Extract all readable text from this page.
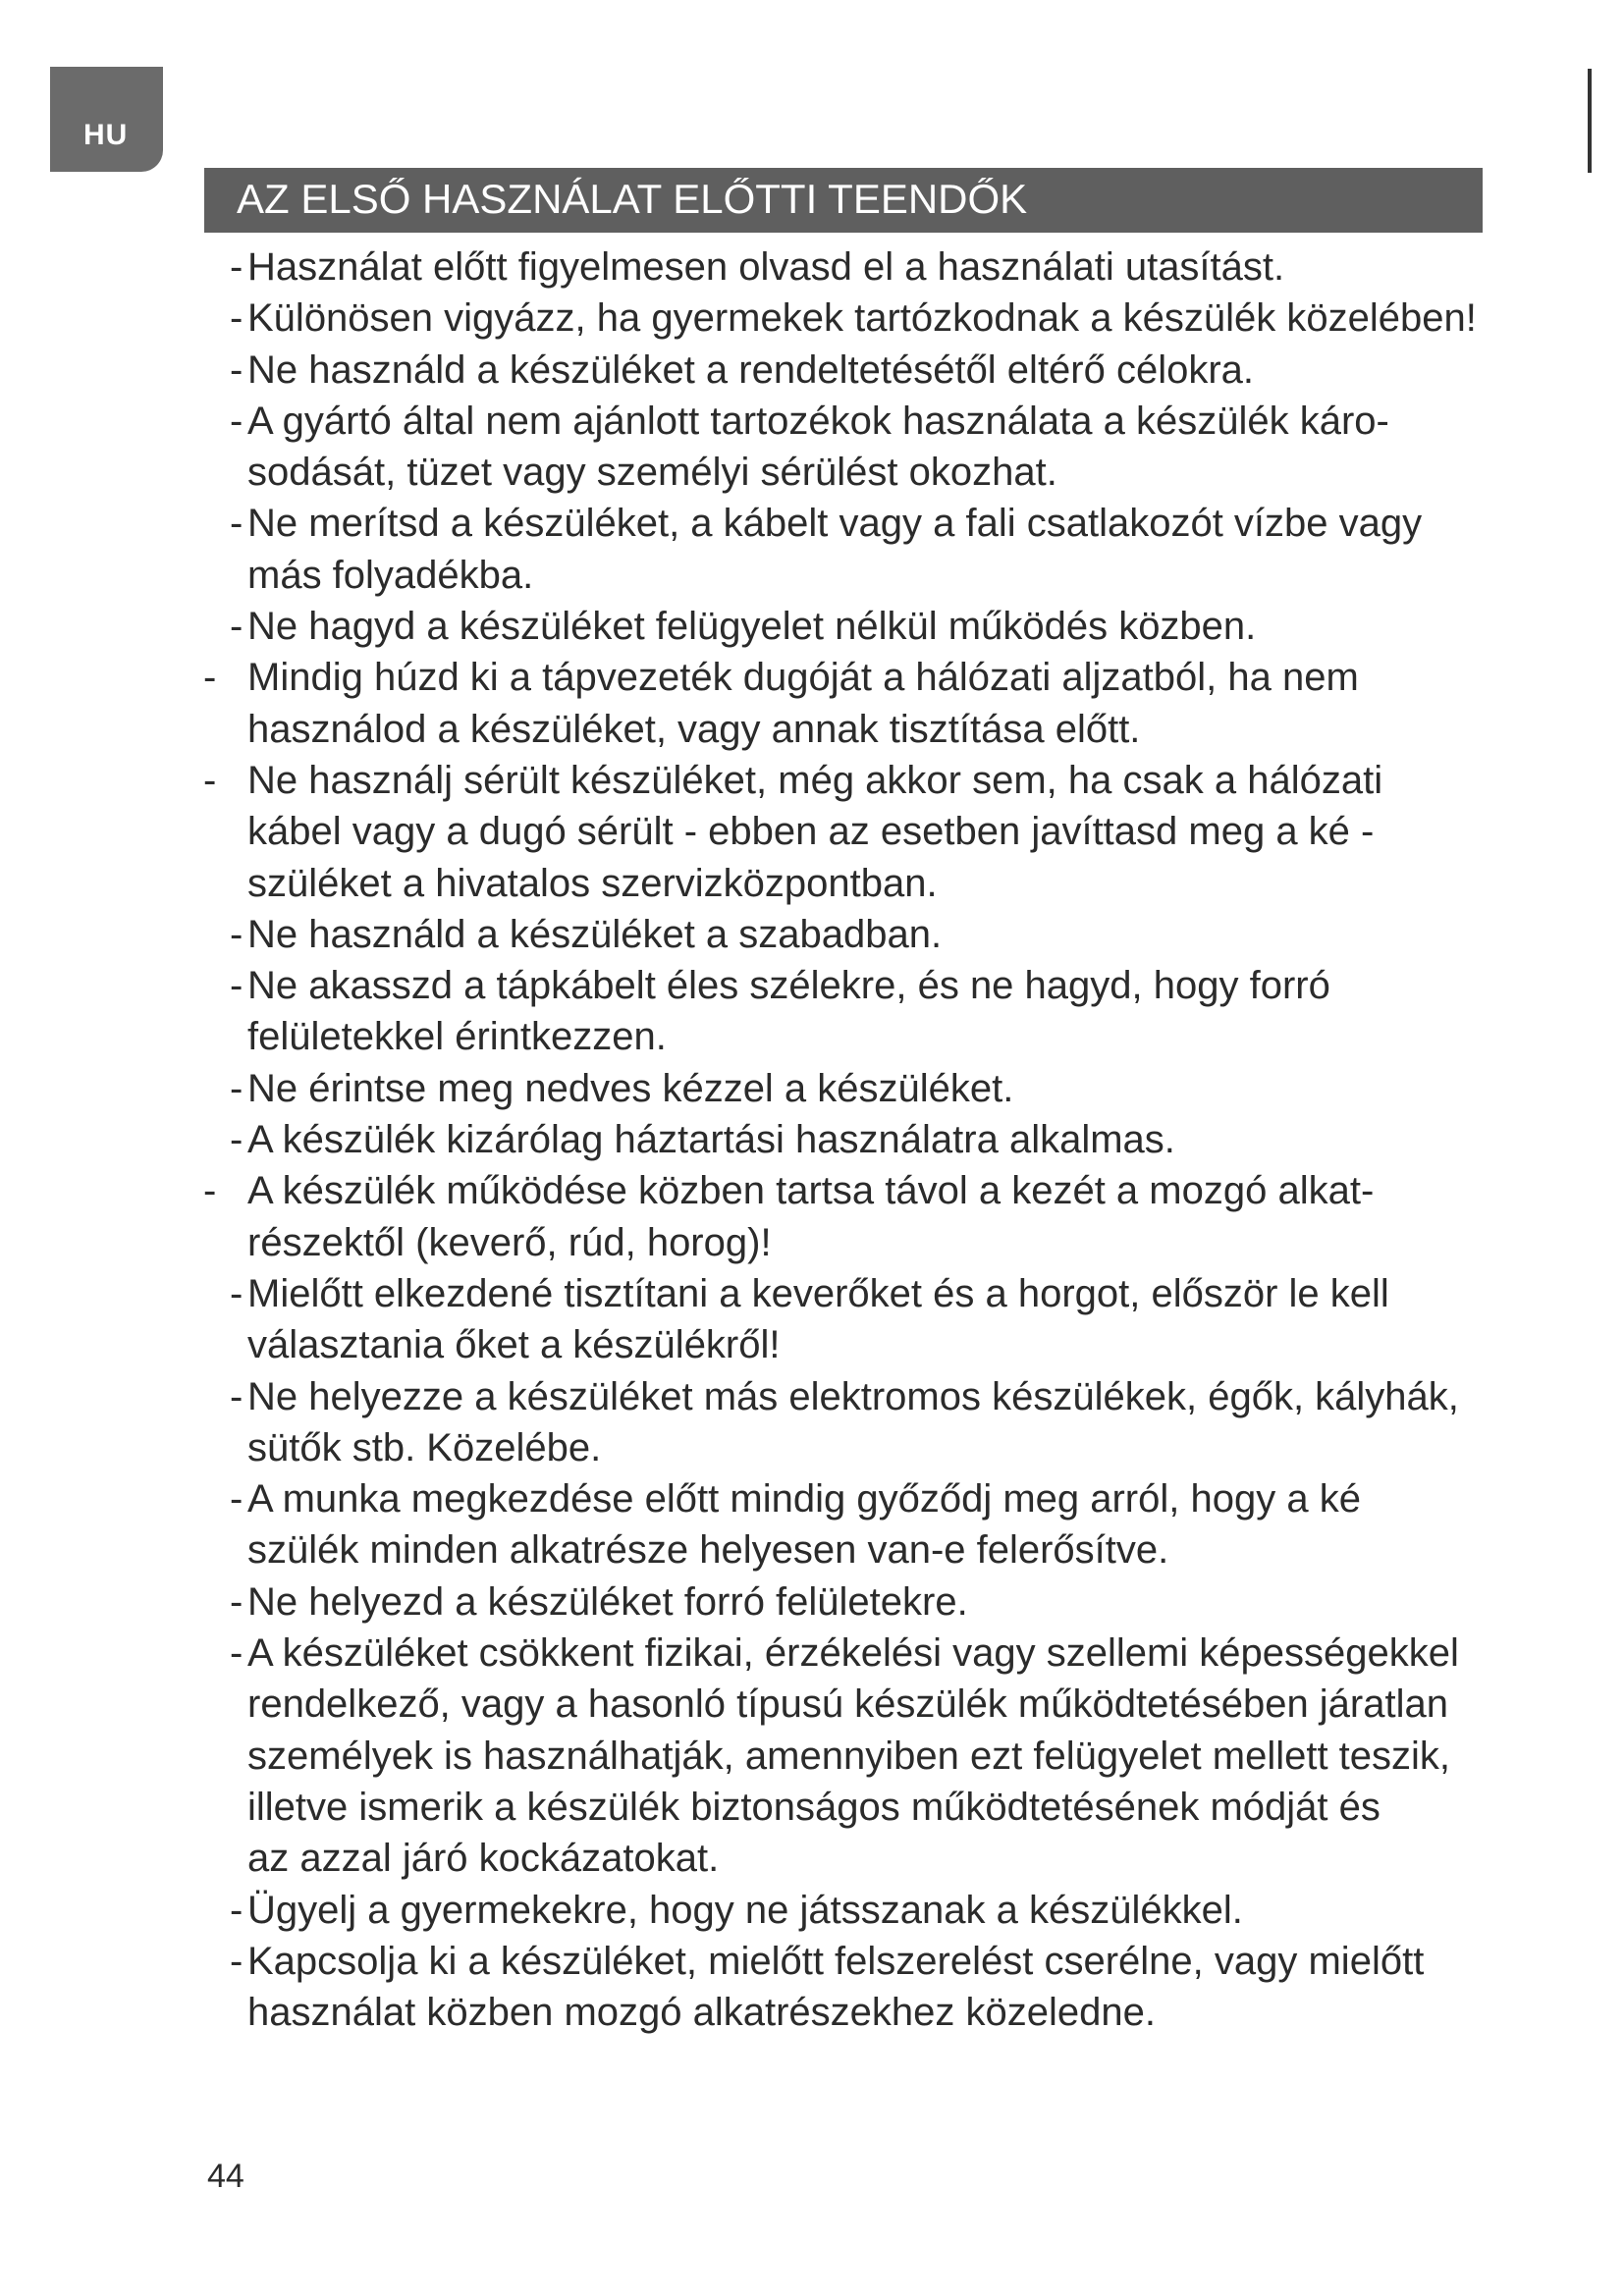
HU
AZ ELSŐ HASZNÁLAT ELŐTTI TEENDŐK
- Használat előtt figyelmesen olvasd el a használati utasítást.
- Különösen vigyázz, ha gyermekek tartózkodnak a készülék közelében!
- Ne használd a készüléket a rendeltetésétől eltérő célokra.
- A gyártó által nem ajánlott tartozékok használata a készülék káro-
sodását, tüzet vagy személyi sérülést okozhat.
- Ne merítsd a készüléket, a kábelt vagy a fali csatlakozót vízbe vagy
más folyadékba.
- Ne hagyd a készüléket felügyelet nélkül működés közben.
- Mindig húzd ki a tápvezeték dugóját a hálózati aljzatból, ha nem
használod a készüléket, vagy annak tisztítása előtt.
- Ne használj sérült készüléket, még akkor sem, ha csak a hálózati
kábel vagy a dugó sérült - ebben az esetben javíttasd meg a ké -
szüléket a hivatalos szervizközpontban.
- Ne használd a készüléket a szabadban.
- Ne akasszd a tápkábelt éles szélekre, és ne hagyd, hogy forró
felületekkel érintkezzen.
- Ne érintse meg nedves kézzel a készüléket.
- A készülék kizárólag háztartási használatra alkalmas.
- A készülék működése közben tartsa távol a kezét a mozgó alkat-
részektől (keverő, rúd, horog)!
- Mielőtt elkezdené tisztítani a keverőket és a horgot, először le kell
választania őket a készülékről!
- Ne helyezze a készüléket más elektromos készülékek, égők, kályhák,
sütők stb. Közelébe.
- A munka megkezdése előtt mindig győződj meg arról, hogy a ké
szülék minden alkatrésze helyesen van-e felerősítve.
- Ne helyezd a készüléket forró felületekre.
- A készüléket csökkent fizikai, érzékelési vagy szellemi képességekkel
rendelkező, vagy a hasonló típusú készülék működtetésében járatlan
személyek is használhatják, amennyiben ezt felügyelet mellett teszik,
illetve ismerik a készülék biztonságos működtetésének módját és
az azzal járó kockázatokat.
- Ügyelj a gyermekekre, hogy ne játsszanak a készülékkel.
- Kapcsolja ki a készüléket, mielőtt felszerelést cserélne, vagy mielőtt
használat közben mozgó alkatrészekhez közeledne.
44
